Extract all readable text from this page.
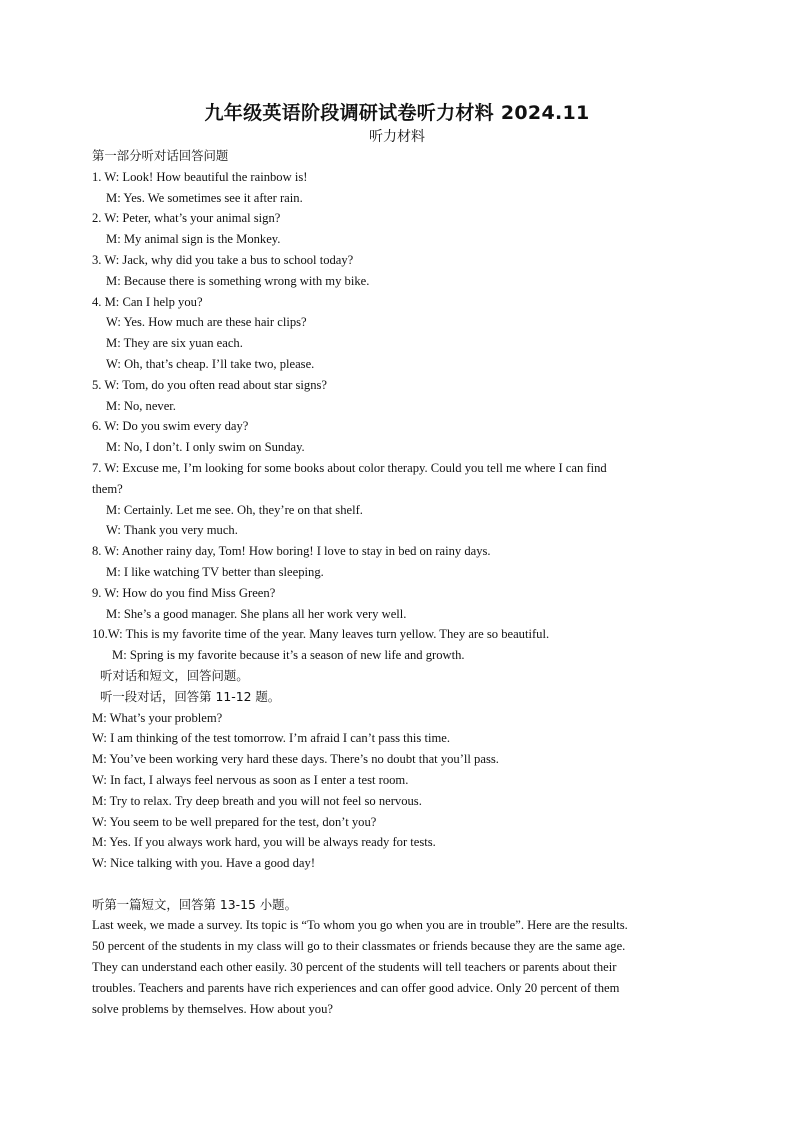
九年级英语阶段调研试卷听力材料 2024.11
听力材料
第一部分听对话回答问题
1. W: Look! How beautiful the rainbow is!
M: Yes. We sometimes see it after rain.
2. W: Peter, what’s your animal sign?
M: My animal sign is the Monkey.
3. W: Jack, why did you take a bus to school today?
M: Because there is something wrong with my bike.
4. M: Can I help you?
W: Yes. How much are these hair clips?
M: They are six yuan each.
W: Oh, that’s cheap. I’ll take two, please.
5. W: Tom, do you often read about star signs?
M: No, never.
6. W: Do you swim every day?
M: No, I don’t. I only swim on Sunday.
7. W: Excuse me, I’m looking for some books about color therapy. Could you tell me where I can find
them?
M: Certainly. Let me see. Oh, they’re on that shelf.
W: Thank you very much.
8. W: Another rainy day, Tom! How boring! I love to stay in bed on rainy days.
M: I like watching TV better than sleeping.
9. W: How do you find Miss Green?
M: She’s a good manager. She plans all her work very well.
10.W: This is my favorite time of the year. Many leaves turn yellow. They are so beautiful.
M: Spring is my favorite because it’s a season of new life and growth.
听对话和短文，回答问题。
听一段对话，回答第 11-12 题。
M: What’s your problem?
W: I am thinking of the test tomorrow. I’m afraid I can’t pass this time.
M: You’ve been working very hard these days. There’s no doubt that you’ll pass.
W: In fact, I always feel nervous as soon as I enter a test room.
M: Try to relax. Try deep breath and you will not feel so nervous.
W: You seem to be well prepared for the test, don’t you?
M: Yes. If you always work hard, you will be always ready for tests.
W: Nice talking with you. Have a good day!
听第一篇短文，回答第 13-15 小题。
Last week, we made a survey. Its topic is “To whom you go when you are in trouble”. Here are the results.
50 percent of the students in my class will go to their classmates or friends because they are the same age.
They can understand each other easily. 30 percent of the students will tell teachers or parents about their
troubles. Teachers and parents have rich experiences and can offer good advice. Only 20 percent of them
solve problems by themselves. How about you?
